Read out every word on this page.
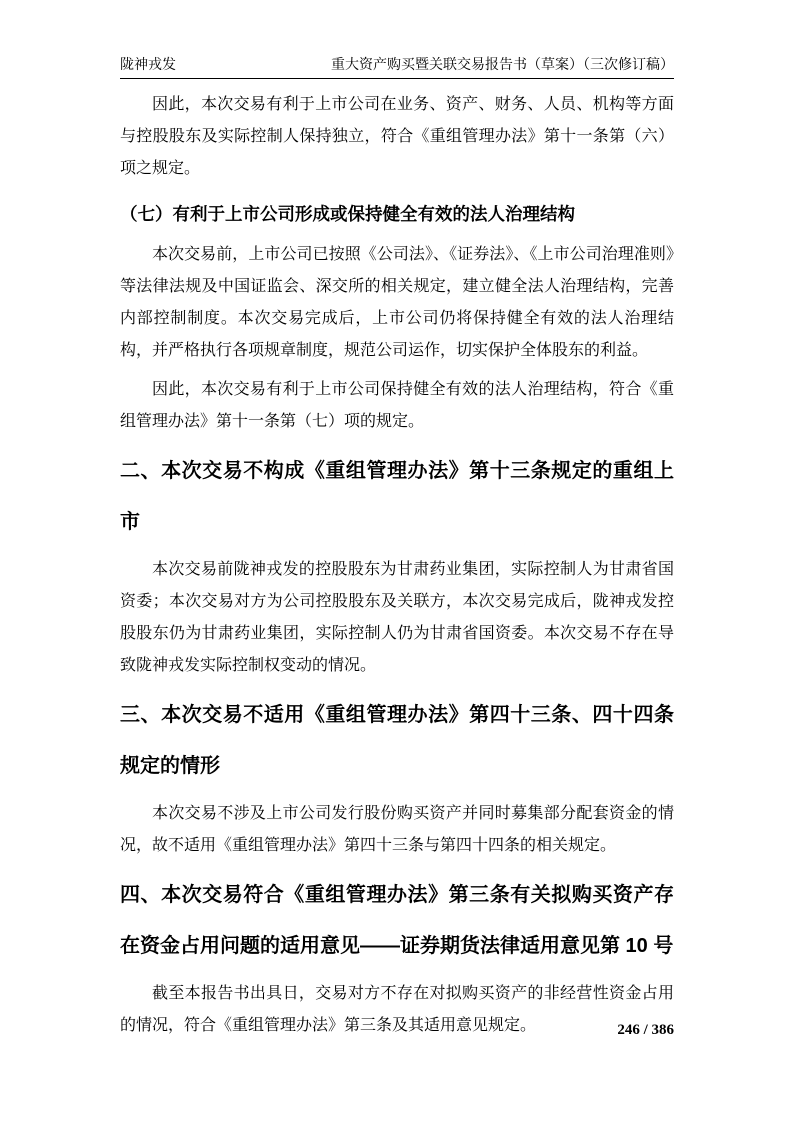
陇神戎发	重大资产购买暨关联交易报告书（草案）（三次修订稿）
因此，本次交易有利于上市公司在业务、资产、财务、人员、机构等方面与控股股东及实际控制人保持独立，符合《重组管理办法》第十一条第（六）项之规定。
（七）有利于上市公司形成或保持健全有效的法人治理结构
本次交易前，上市公司已按照《公司法》、《证券法》、《上市公司治理准则》等法律法规及中国证监会、深交所的相关规定，建立健全法人治理结构，完善内部控制制度。本次交易完成后，上市公司仍将保持健全有效的法人治理结构，并严格执行各项规章制度，规范公司运作，切实保护全体股东的利益。
因此，本次交易有利于上市公司保持健全有效的法人治理结构，符合《重组管理办法》第十一条第（七）项的规定。
二、本次交易不构成《重组管理办法》第十三条规定的重组上市
本次交易前陇神戎发的控股股东为甘肃药业集团，实际控制人为甘肃省国资委；本次交易对方为公司控股股东及关联方，本次交易完成后，陇神戎发控股股东仍为甘肃药业集团，实际控制人仍为甘肃省国资委。本次交易不存在导致陇神戎发实际控制权变动的情况。
三、本次交易不适用《重组管理办法》第四十三条、四十四条规定的情形
本次交易不涉及上市公司发行股份购买资产并同时募集部分配套资金的情况，故不适用《重组管理办法》第四十三条与第四十四条的相关规定。
四、本次交易符合《重组管理办法》第三条有关拟购买资产存在资金占用问题的适用意见——证券期货法律适用意见第 10 号
截至本报告书出具日，交易对方不存在对拟购买资产的非经营性资金占用的情况，符合《重组管理办法》第三条及其适用意见规定。	246 / 386
